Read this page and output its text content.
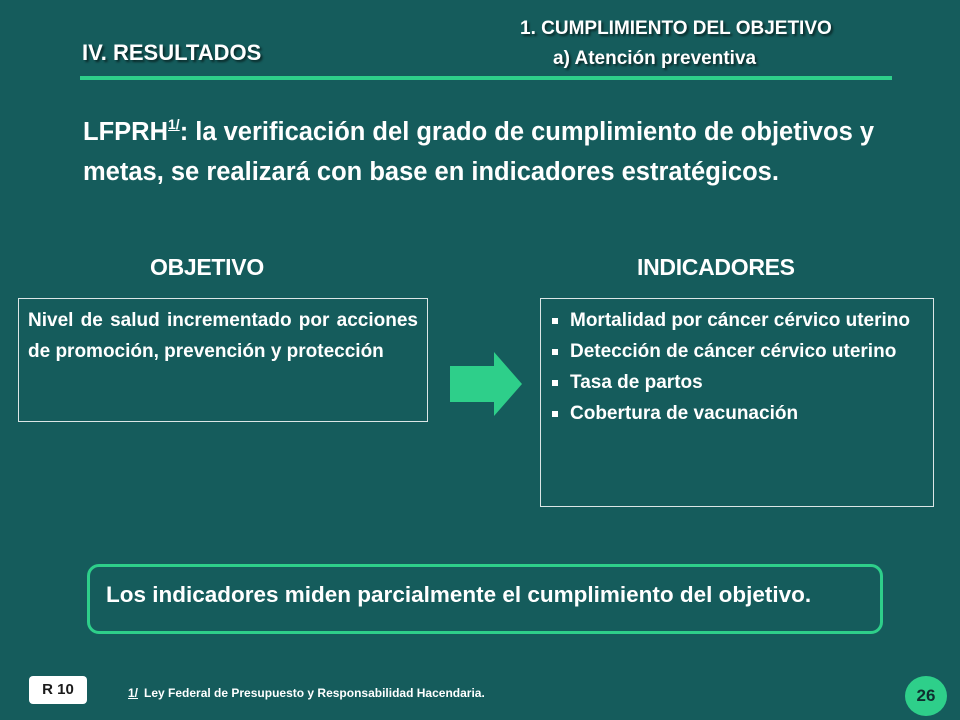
IV. RESULTADOS
1. CUMPLIMIENTO DEL OBJETIVO
a) Atención preventiva
$LFPRH^{1/}$: la verificación del grado de cumplimiento de objetivos y metas, se realizará con base en indicadores estratégicos.
OBJETIVO	INDICADORES
Nivel de salud incrementado por acciones de promoción, prevención y protección
Mortalidad por cáncer cérvico uterino
Detección de cáncer cérvico uterino
Tasa de partos
Cobertura de vacunación
Los indicadores miden parcialmente el cumplimiento del objetivo.
R 10	1/ Ley Federal de Presupuesto y Responsabilidad Hacendaria.	26
